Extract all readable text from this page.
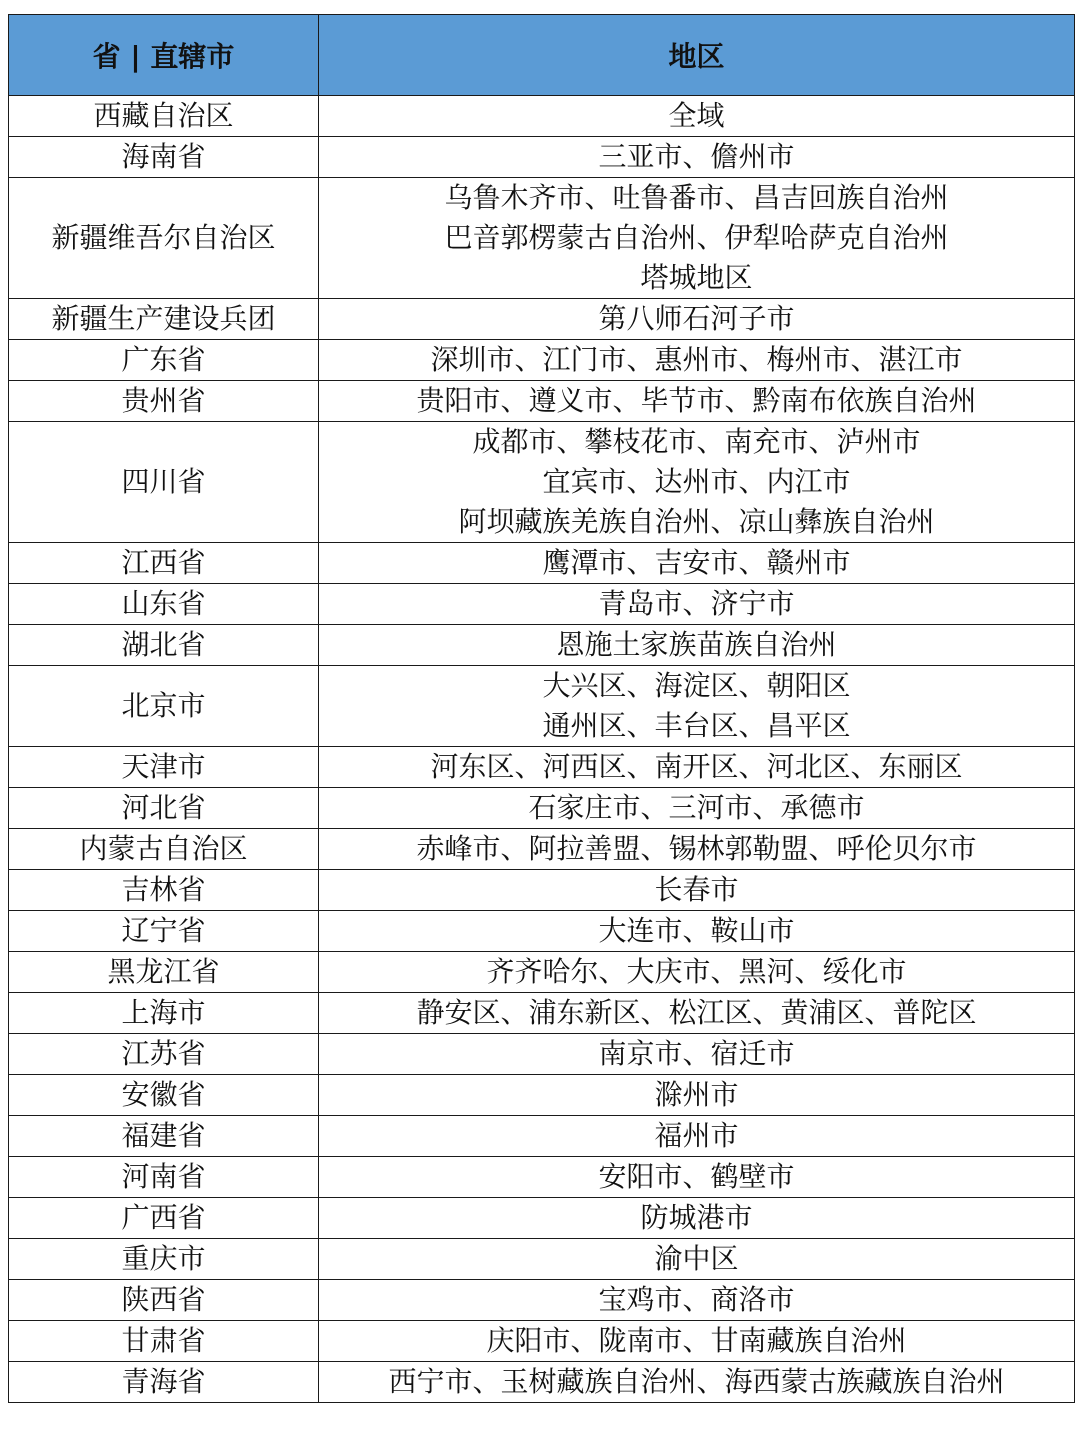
省 | 直辖市	地区
西藏自治区	全域

海南省	三亚市、儋州市

新疆维吾尔自治区	乌鲁木齐市、吐鲁番市、昌吉回族自治州
巴音郭楞蒙古自治州、伊犁哈萨克自治州
塔城地区

新疆生产建设兵团	第八师石河子市

广东省	深圳市、江门市、惠州市、梅州市、湛江市

贵州省	贵阳市、遵义市、毕节市、黔南布依族自治州

四川省	成都市、攀枝花市、南充市、泸州市
宜宾市、达州市、内江市
阿坝藏族羌族自治州、凉山彝族自治州

江西省	鹰潭市、吉安市、赣州市

山东省	青岛市、济宁市

湖北省	恩施土家族苗族自治州

北京市	大兴区、海淀区、朝阳区
通州区、丰台区、昌平区

天津市	河东区、河西区、南开区、河北区、东丽区

河北省	石家庄市、三河市、承德市

内蒙古自治区	赤峰市、阿拉善盟、锡林郭勒盟、呼伦贝尔市

吉林省	长春市

辽宁省	大连市、鞍山市

黑龙江省	齐齐哈尔、大庆市、黑河、绥化市

上海市	静安区、浦东新区、松江区、黄浦区、普陀区

江苏省	南京市、宿迁市

安徽省	滁州市

福建省	福州市

河南省	安阳市、鹤壁市

广西省	防城港市

重庆市	渝中区

陕西省	宝鸡市、商洛市

甘肃省	庆阳市、陇南市、甘南藏族自治州

青海省	西宁市、玉树藏族自治州、海西蒙古族藏族自治州
